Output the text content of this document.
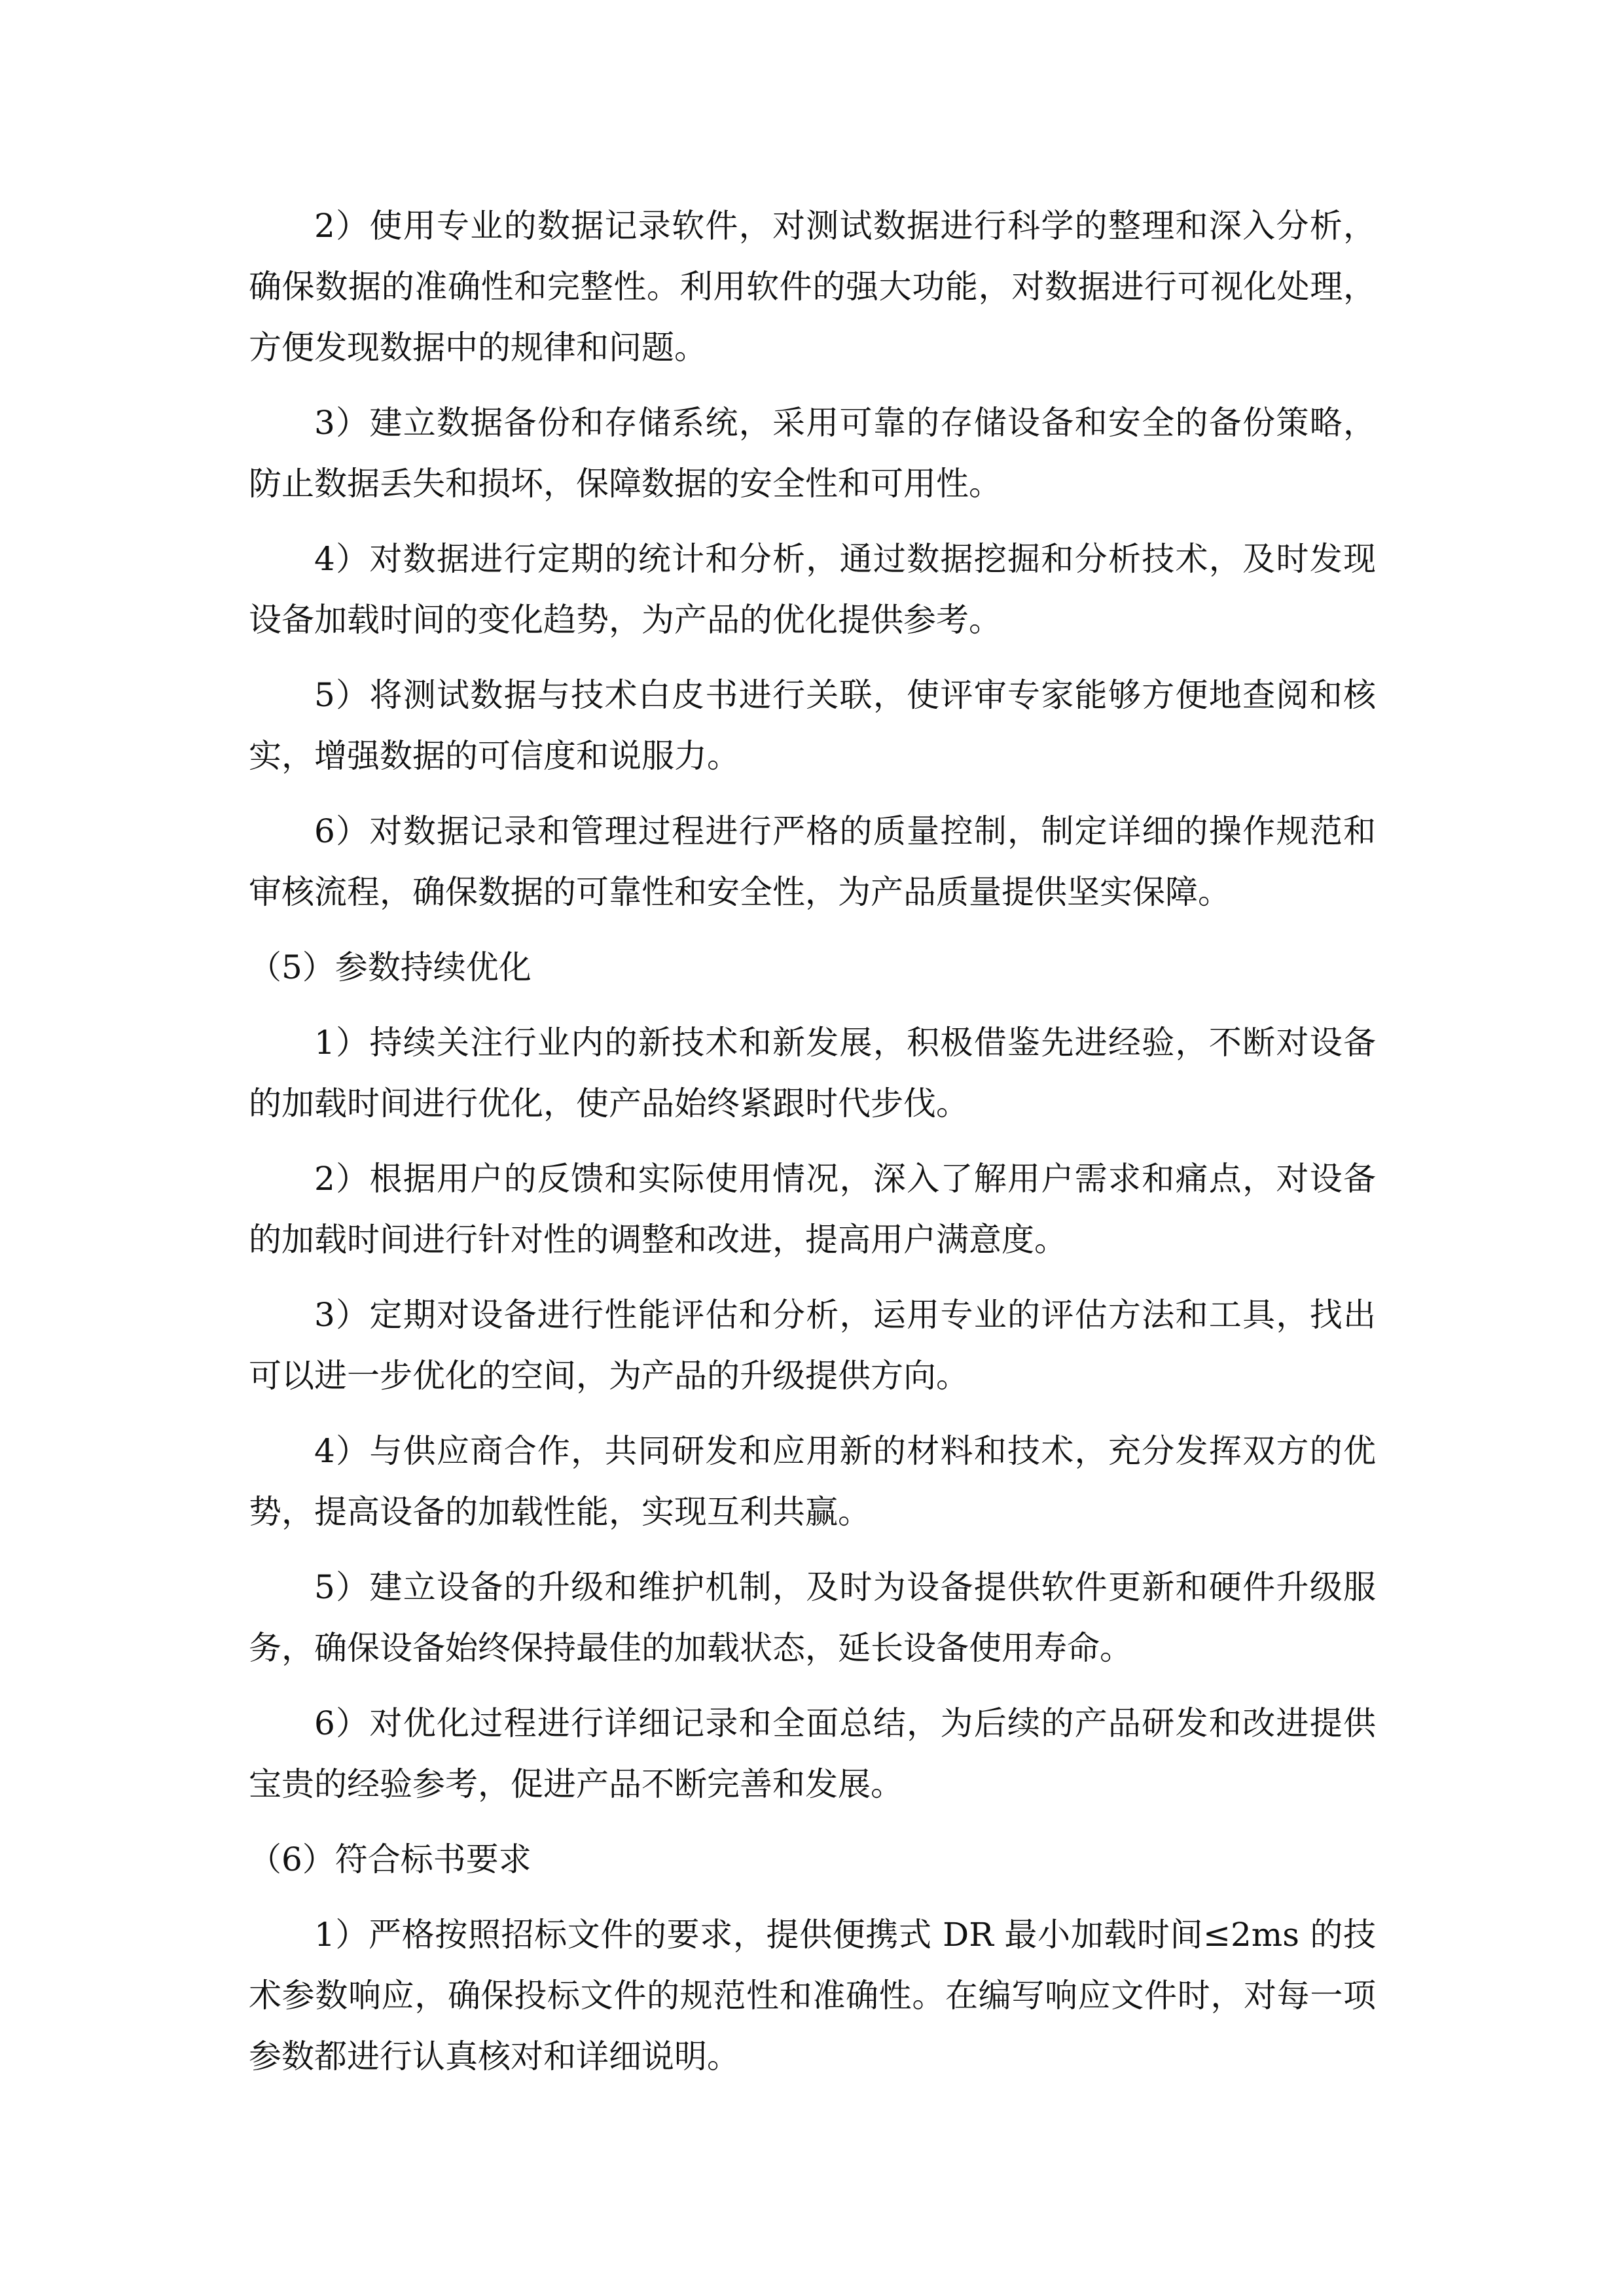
2）使用专业的数据记录软件，对测试数据进行科学的整理和深入分析，确保数据的准确性和完整性。利用软件的强大功能，对数据进行可视化处理，方便发现数据中的规律和问题。

3）建立数据备份和存储系统，采用可靠的存储设备和安全的备份策略，防止数据丢失和损坏，保障数据的安全性和可用性。

4）对数据进行定期的统计和分析，通过数据挖掘和分析技术，及时发现设备加载时间的变化趋势，为产品的优化提供参考。

5）将测试数据与技术白皮书进行关联，使评审专家能够方便地查阅和核实，增强数据的可信度和说服力。

6）对数据记录和管理过程进行严格的质量控制，制定详细的操作规范和审核流程，确保数据的可靠性和安全性，为产品质量提供坚实保障。

（5）参数持续优化

1）持续关注行业内的新技术和新发展，积极借鉴先进经验，不断对设备的加载时间进行优化，使产品始终紧跟时代步伐。

2）根据用户的反馈和实际使用情况，深入了解用户需求和痛点，对设备的加载时间进行针对性的调整和改进，提高用户满意度。

3）定期对设备进行性能评估和分析，运用专业的评估方法和工具，找出可以进一步优化的空间，为产品的升级提供方向。

4）与供应商合作，共同研发和应用新的材料和技术，充分发挥双方的优势，提高设备的加载性能，实现互利共赢。

5）建立设备的升级和维护机制，及时为设备提供软件更新和硬件升级服务，确保设备始终保持最佳的加载状态，延长设备使用寿命。

6）对优化过程进行详细记录和全面总结，为后续的产品研发和改进提供宝贵的经验参考，促进产品不断完善和发展。

（6）符合标书要求

1）严格按照招标文件的要求，提供便携式 DR 最小加载时间≤2ms 的技术参数响应，确保投标文件的规范性和准确性。在编写响应文件时，对每一项参数都进行认真核对和详细说明。
